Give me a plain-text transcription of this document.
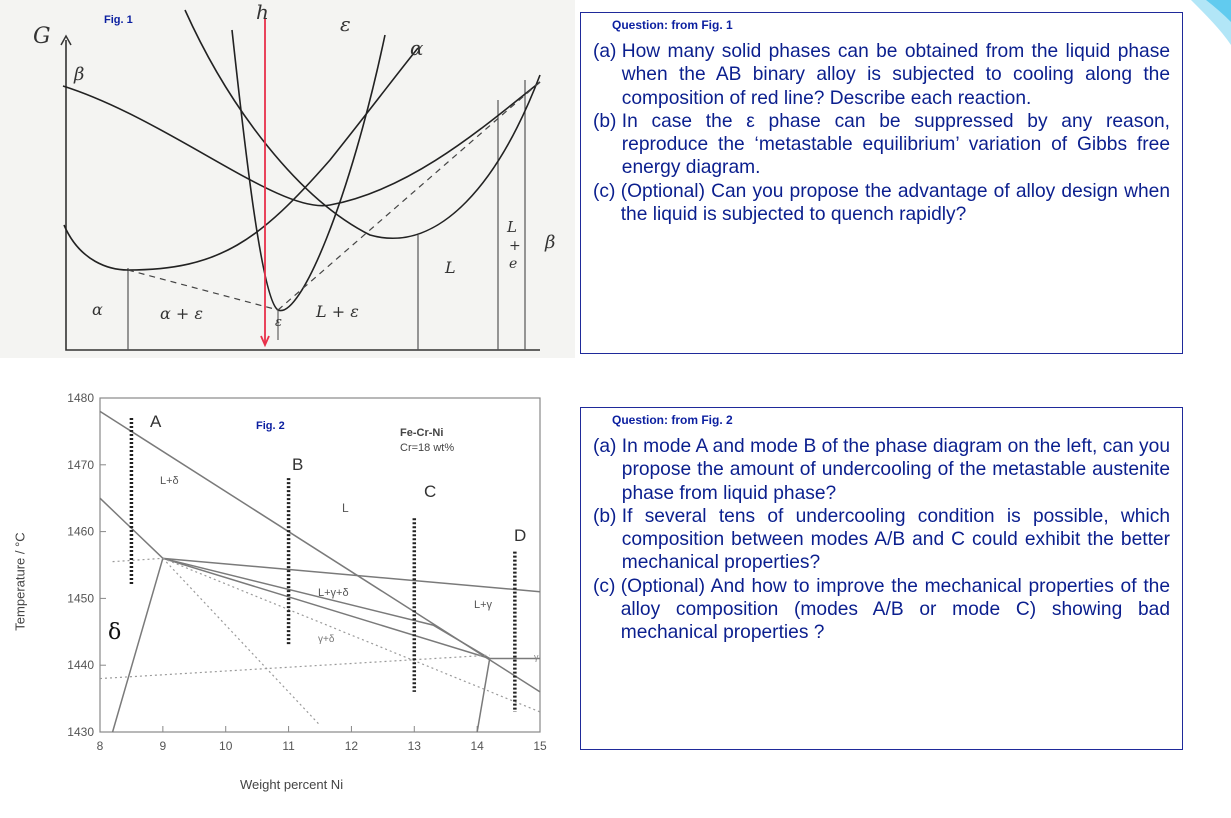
Fig. 1
G
β
h	ε
α
α	α + ε	ε
L + ε
L
L
+
e
β
Question: from Fig. 1
(a) How many solid phases can be obtained from the liquid phase when the AB binary alloy is subjected to cooling along the composition of red line? Describe each reaction.
(b) In case the ε phase can be suppressed by any reason, reproduce the ‘metastable equilibrium’ variation of Gibbs free energy diagram.
(c) (Optional) Can you propose the advantage of alloy design when the liquid is subjected to quench rapidly?
8	9	10	11	12	13	14	15
1430
1440
1450
1460
1470
1480
Fig. 2
Fe-Cr-Ni
Cr=18 wt%
Weight percent Ni
Temperature / °C
δ
L+δ
L
L+γ+δ
L+γ
γ+δ
γ
A
B
C
D
Question: from Fig. 2
(a) In mode A and mode B of the phase diagram on the left, can you propose the amount of undercooling of the metastable austenite phase from liquid phase?
(b) If several tens of undercooling condition is possible, which composition between modes A/B and C could exhibit the better mechanical properties?
(c) (Optional) And how to improve the mechanical properties of the alloy composition (modes A/B or mode C) showing bad mechanical properties ?
